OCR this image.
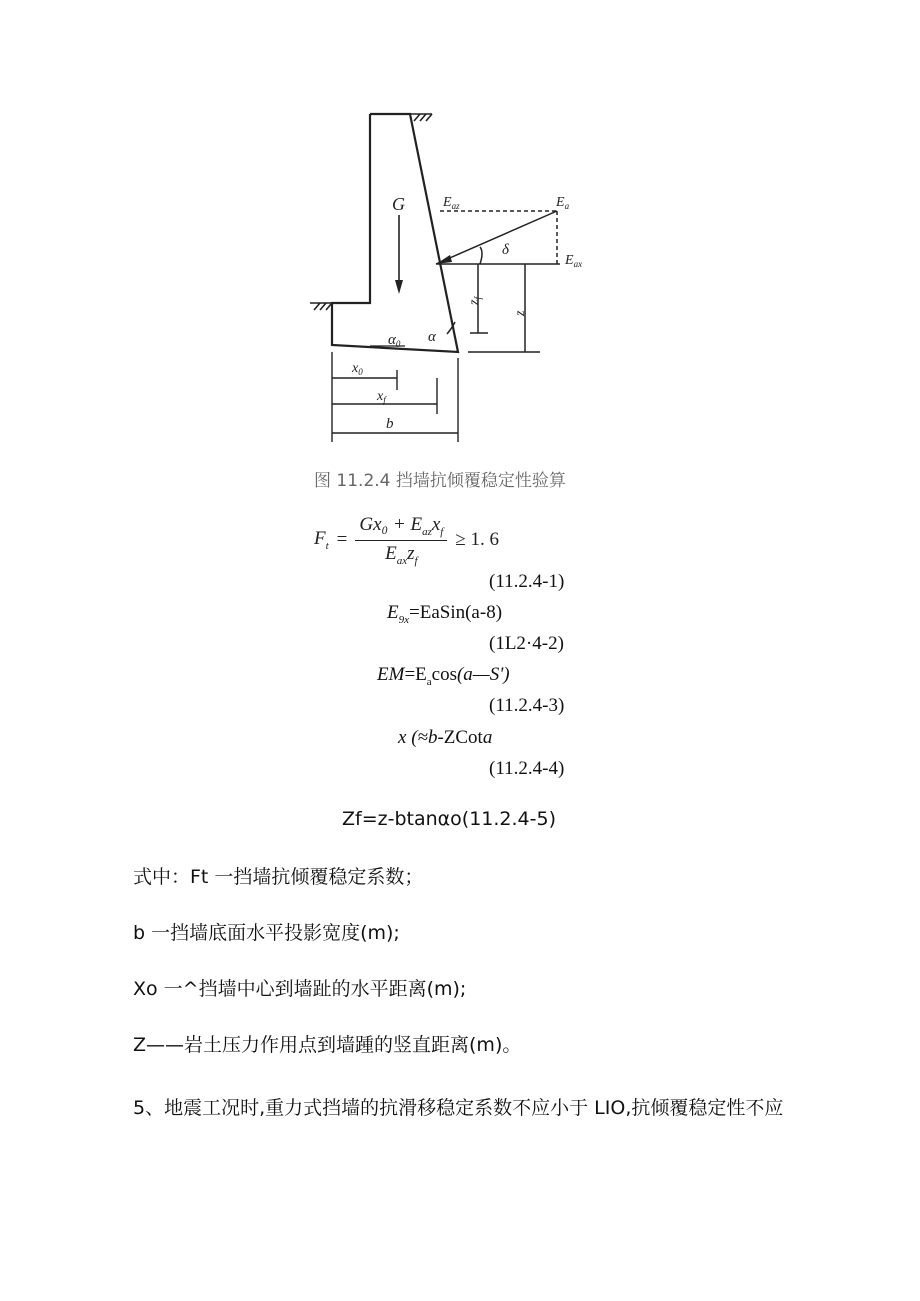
G	$E_{az}$	$E_a$
$E_{ax}$
δ
α
$\alpha_0$
$z_f$
z
$x_0$
$x_f$
b
图 11.2.4 挡墙抗倾覆稳定性验算
$F_t = \frac{Gx_0 + E_{az}x_f}{E_{ax}z_f} \ge 1$. 6
(11.2.4-1)
$E_{9x}=EaSin(a-8)$
(1L2·4-2)
$EM=E_a\cos(a—S')$
(11.2.4-3)
x (≈b-ZCota
(11.2.4-4)
Zf=z-btanαo(11.2.4-5)
式中：Ft 一挡墙抗倾覆稳定系数；
b 一挡墙底面水平投影宽度(m);
Xo 一^挡墙中心到墙趾的水平距离(m);
Z——岩土压力作用点到墙踵的竖直距离(m)。
5、地震工况时,重力式挡墙的抗滑移稳定系数不应小于 LIO,抗倾覆稳定性不应
